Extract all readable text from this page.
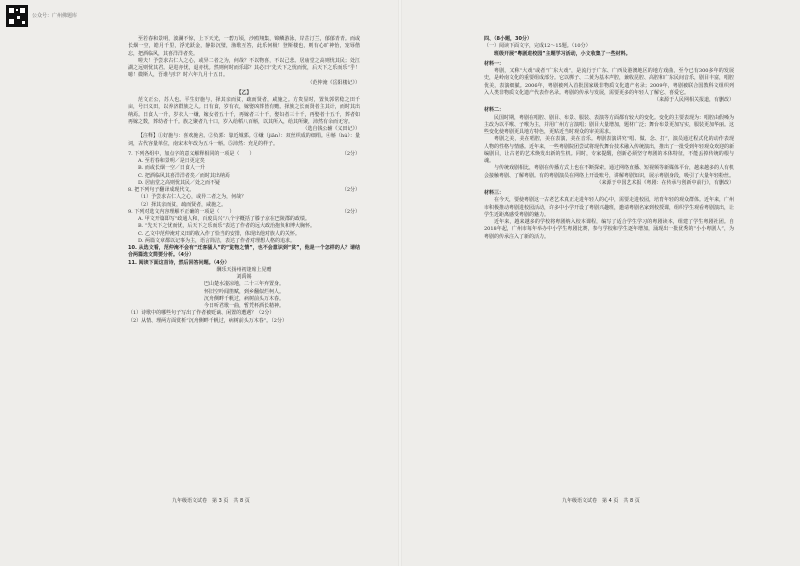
公众号：广州佛题库

至若春和景明，波澜不惊，上下天光，一碧万顷，沙鸥翔集，锦鳞游泳，岸芷汀兰，郁郁青青。而或长烟一空，皓月千里，浮光跃金，静影沉璧，渔歌互答，此乐何极！登斯楼也，则有心旷神怡，宠辱偕忘，把酒临风，其喜洋洋者矣。

嗟夫！予尝求古仁人之心，或异二者之为，何哉？不以物喜，不以己悲。居庙堂之高则忧其民；处江湖之远则忧其君。是进亦忧，退亦忧。然则何时而乐耶？其必曰“先天下之忧而忧，后天下之乐而乐”乎！噫！微斯人，吾谁与归？时六年九月十五日。

（范仲淹《岳阳楼记》）

【乙】

范文正公，苏人也。平生好施与，择其亲而贫，疏而贤者，咸施之。方贵显时，置负郭常稔之田千亩，号曰义田，以养济群族之人。日有食，岁有衣，嫁娶凶葬皆有赡。择族之长而贤者主其计，而时其出纳焉。日食人一升，岁衣人一缣，嫁女者五十千，再嫁者三十千，娶妇者三十千，再娶者十五千，葬者如再嫁之数，葬幼者十千。族之聚者九十口，岁入给稻八百斛，以其所入，给其所聚，沛然有余而无穷。

（选自钱公辅《义田记》）

【注释】①好施与：喜欢施舍。②负郭：靠近城郭。③缣（jiān）：双丝织成的细绢。④斛（hú）：量词，古代容量单位，南宋末年改为五斗一斛。⑤沛然：充足的样子。

7. 下列各组中，加点字的意义解释相同的一项是（　　）	（2分）

A. 至若春和景明／是日更定矣

B. 而或长烟一空／日食人一升

C. 把酒临风其喜洋洋者矣／而时其出纳焉

D. 居庙堂之高则忧其民／处之而不疑

8. 把下列句子翻译成现代文。	（2分）

（1）予尝求古仁人之心，或异二者之为，何哉？

（2）择其亲而贫，疏而贤者，咸施之。

9. 下列对选文内容理解不正确的一项是（　　）	（2分）

A. 甲文开篇即写“政通人和，百废具兴”八个字概括了滕子京在巴陵郡的政绩。

B. “先天下之忧而忧，后天下之乐而乐”表达了作者的远大政治抱负和博大胸怀。

C. 乙文中范仲淹对义田的收入作了恰当的安排，体现出他对族人的关怀。

D. 两篇文章都以记事为主，语言简洁，表达了作者对理想人格的追求。

10. 从选文看，范仲淹不会有“迁客骚人”的“览物之情”，也不会意识到“贫”，他是一个怎样的人？请结合两篇选文简要分析。（4分）

11. 阅读下面这首诗，然后回答问题。（4分）

酬乐天扬州初逢席上见赠

刘禹锡

巴山楚水凄凉地，二十三年弃置身。

怀旧空吟闻笛赋，到乡翻似烂柯人。

沉舟侧畔千帆过，病树前头万木春。

今日听君歌一曲，暂凭杯酒长精神。

（1）诗歌中的哪些句子写出了作者被贬谪、闲置的遭遇？（2分）

（2）从情、理两方面赏析“沉舟侧畔千帆过，病树前头万木春”。（2分）

九年级语文试卷　第 3 页　共 8 页

四、（8小题，30分）

（一）阅读下面文字，完成12～15题。（10分）

班级开展“粤剧进校园”主题学习活动，小文收集了一些材料。

材料一：

粤剧，又称“大戏”或者“广东大戏”，是流行于广东、广西及港澳地区的地方戏曲，至今已有300多年的发展史，是岭南文化的重要组成部分。它以梆子、二黄为基本声腔，兼收昆腔、高腔和广东民间音乐，剧目丰富，唱腔优美，表演细腻。2006年，粤剧被列入首批国家级非物质文化遗产名录；2009年，粤剧被联合国教科文组织列入人类非物质文化遗产代表作名录。粤剧的传承与发展，需要更多的年轻人了解它、喜爱它。

（来源于人民网相关报道，有删改）

材料二：

民国时期，粤剧在唱腔、剧目、布景、服装、表演等方面都有较大的变化。变化的主要表现为：唱腔由假嗓为主改为以平喉、子喉为主，并用广州方言演唱；剧目大量增加，题材广泛；舞台布景更加写实，服装更加华丽。这些变化使粤剧更具地方特色，更贴近当时观众的审美需求。

粤剧之美，美在唱腔，美在表演，美在音乐。粤剧表演讲究“唱、做、念、打”，演员通过程式化的动作表现人物的性格与情感。近年来，一些粤剧院团尝试将现代舞台技术融入传统演出，推出了一批受到年轻观众欢迎的新编剧目，让古老的艺术焕发出新的生机。同时，专家提醒，创新必须坚守粤剧的本体特征，不能丢掉传统的根与魂。

与传统戏剧相比，粤剧在传播方式上也在不断探索。通过网络直播、短视频等新媒体平台，越来越多的人有机会接触粤剧、了解粤剧。有的粤剧演员在网络上开设账号，讲解粤剧知识，展示粤剧身段，吸引了大量年轻粉丝。

（来源于中国艺术报《粤剧：在传承与创新中前行》，有删改）

材料三：

在今天，要使粤剧这一古老艺术真正走进年轻人的心中，需要走进校园，培育年轻的观众群体。近年来，广州市积极推动粤剧进校园活动，许多中小学开设了粤剧兴趣班，邀请粤剧名家到校授课，组织学生观看粤剧演出，让学生近距离感受粤剧的魅力。

近年来，越来越多的学校将粤剧纳入校本课程，编写了适合学生学习的粤剧读本，组建了学生粤剧社团。自2018年起，广州市每年举办中小学生粤剧比赛，参与学校和学生逐年增加，涌现出一批优秀的“小小粤剧人”，为粤剧的传承注入了新的活力。

九年级语文试卷　第 4 页　共 8 页
